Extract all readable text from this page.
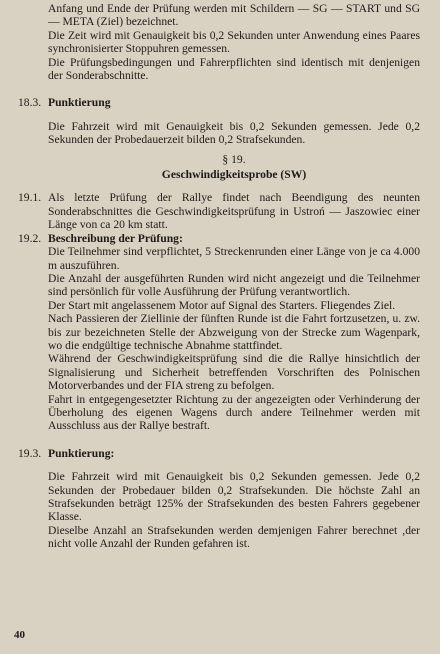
Anfang und Ende der Prüfung werden mit Schildern — SG — START und SG — META (Ziel) bezeichnet.

Die Zeit wird mit Genauigkeit bis 0,2 Sekunden unter Anwendung eines Paares synchronisierter Stoppuhren gemessen.

Die Prüfungsbedingungen und Fahrerpflichten sind identisch mit denjenigen der Sonderabschnitte.

18.3. Punktierung

Die Fahrzeit wird mit Genauigkeit bis 0,2 Sekunden gemessen. Jede 0,2 Sekunden der Probedauerzeit bilden 0,2 Strafsekunden.

§ 19.

Geschwindigkeitsprobe (SW)

19.1. Als letzte Prüfung der Rallye findet nach Beendigung des neunten Sonderabschnittes die Geschwindigkeitsprüfung in Ustroń — Jaszowiec einer Länge von ca 20 km statt.

19.2. Beschreibung der Prüfung:

Die Teilnehmer sind verpflichtet, 5 Streckenrunden einer Länge von je ca 4.000 m auszuführen.

Die Anzahl der ausgeführten Runden wird nicht angezeigt und die Teilnehmer sind persönlich für volle Ausführung der Prüfung verantwortlich.

Der Start mit angelassenem Motor auf Signal des Starters. Fliegendes Ziel.

Nach Passieren der Ziellinie der fünften Runde ist die Fahrt fortzusetzen, u. zw. bis zur bezeichneten Stelle der Abzweigung von der Strecke zum Wagenpark, wo die endgültige technische Abnahme stattfindet.

Während der Geschwindigkeitsprüfung sind die die Rallye hinsichtlich der Signalisierung und Sicherheit betreffenden Vorschriften des Polnischen Motorverbandes und der FIA streng zu befolgen.

Fahrt in entgegengesetzter Richtung zu der angezeigten oder Verhinderung der Überholung des eigenen Wagens durch andere Teilnehmer werden mit Ausschluss aus der Rallye bestraft.

19.3. Punktierung:

Die Fahrzeit wird mit Genauigkeit bis 0,2 Sekunden gemessen. Jede 0,2 Sekunden der Probedauer bilden 0,2 Strafsekunden. Die höchste Zahl an Strafsekunden beträgt 125% der Strafsekunden des besten Fahrers gegebener Klasse.

Dieselbe Anzahl an Strafsekunden werden demjenigen Fahrer berechnet ,der nicht volle Anzahl der Runden gefahren ist.

40
